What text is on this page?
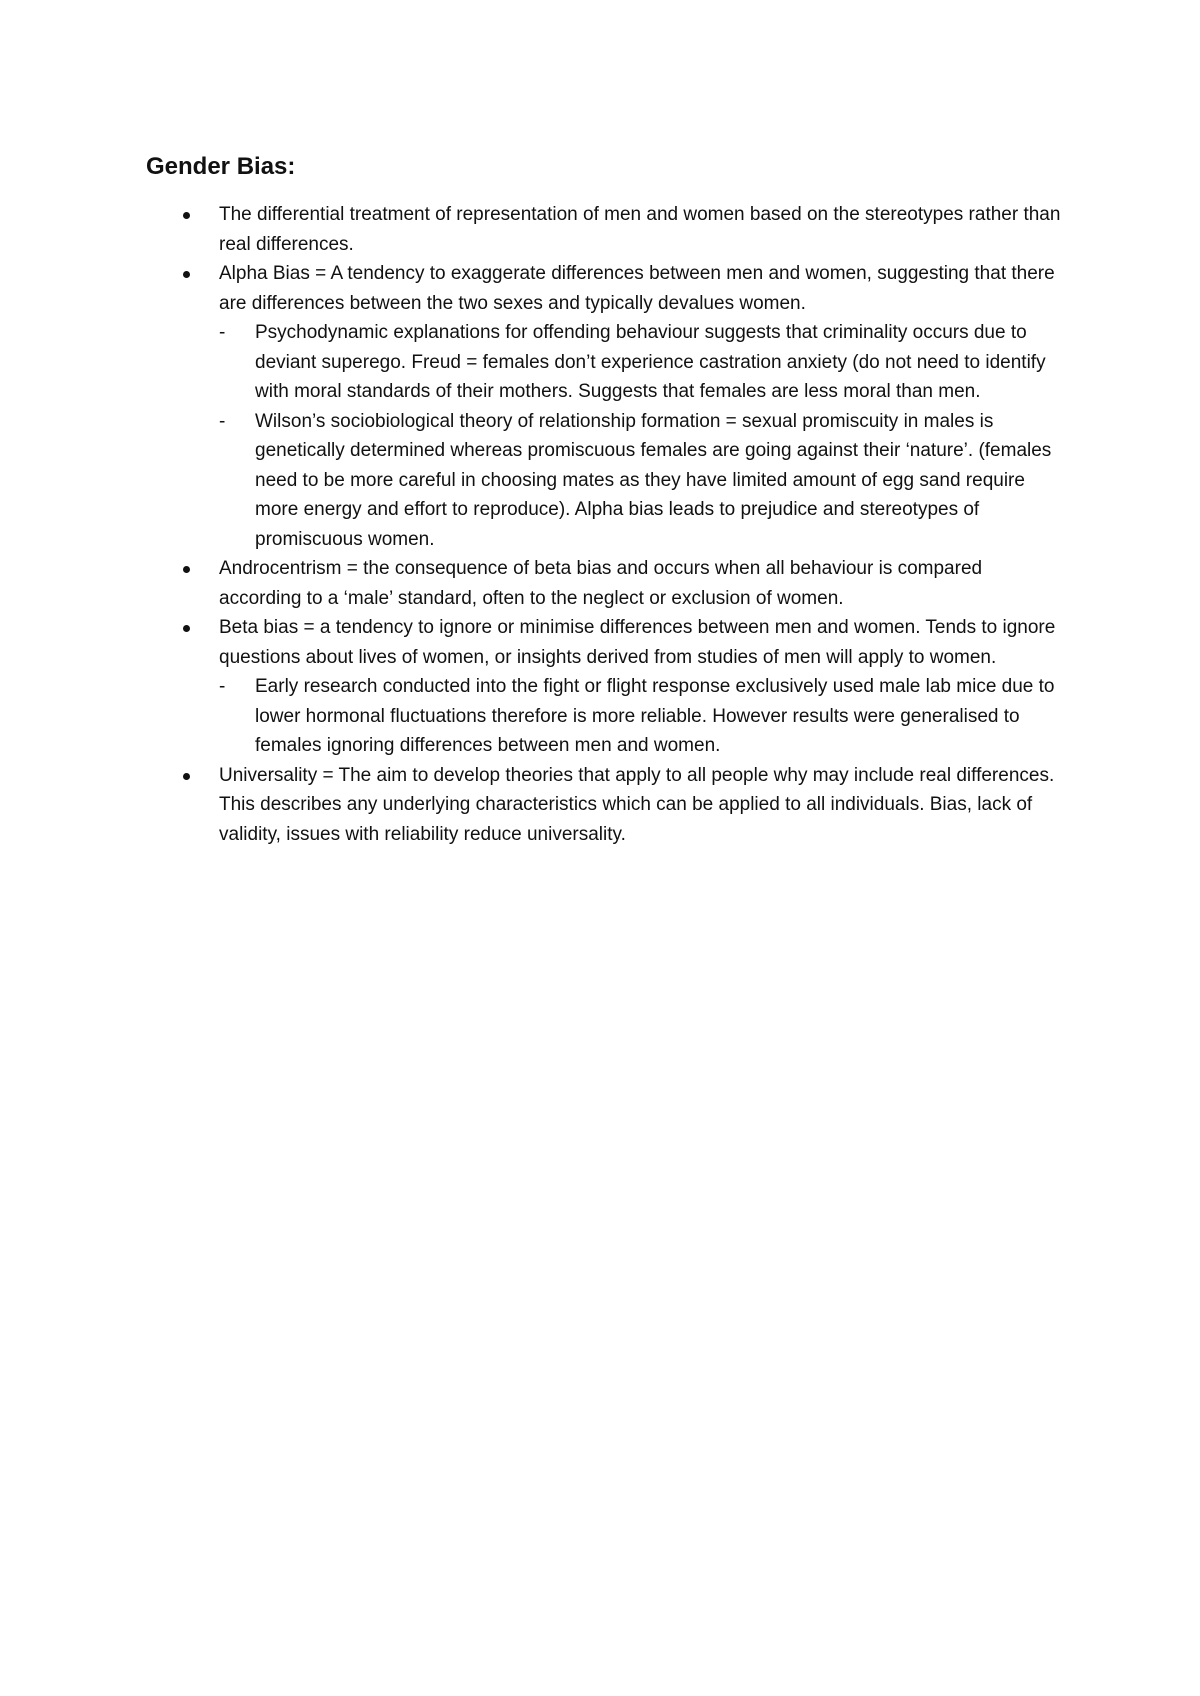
Gender Bias:
The differential treatment of representation of men and women based on the stereotypes rather than real differences.
Alpha Bias = A tendency to exaggerate differences between men and women, suggesting that there are differences between the two sexes and typically devalues women.
- Psychodynamic explanations for offending behaviour suggests that criminality occurs due to deviant superego. Freud = females don’t experience castration anxiety (do not need to identify with moral standards of their mothers. Suggests that females are less moral than men.
- Wilson’s sociobiological theory of relationship formation = sexual promiscuity in males is genetically determined whereas promiscuous females are going against their ‘nature’. (females need to be more careful in choosing mates as they have limited amount of egg sand require more energy and effort to reproduce). Alpha bias leads to prejudice and stereotypes of promiscuous women.
Androcentrism = the consequence of beta bias and occurs when all behaviour is compared according to a ‘male’ standard, often to the neglect or exclusion of women.
Beta bias = a tendency to ignore or minimise differences between men and women. Tends to ignore questions about lives of women, or insights derived from studies of men will apply to women.
- Early research conducted into the fight or flight response exclusively used male lab mice due to lower hormonal fluctuations therefore is more reliable. However results were generalised to females ignoring differences between men and women.
Universality = The aim to develop theories that apply to all people why may include real differences. This describes any underlying characteristics which can be applied to all individuals. Bias, lack of validity, issues with reliability reduce universality.
